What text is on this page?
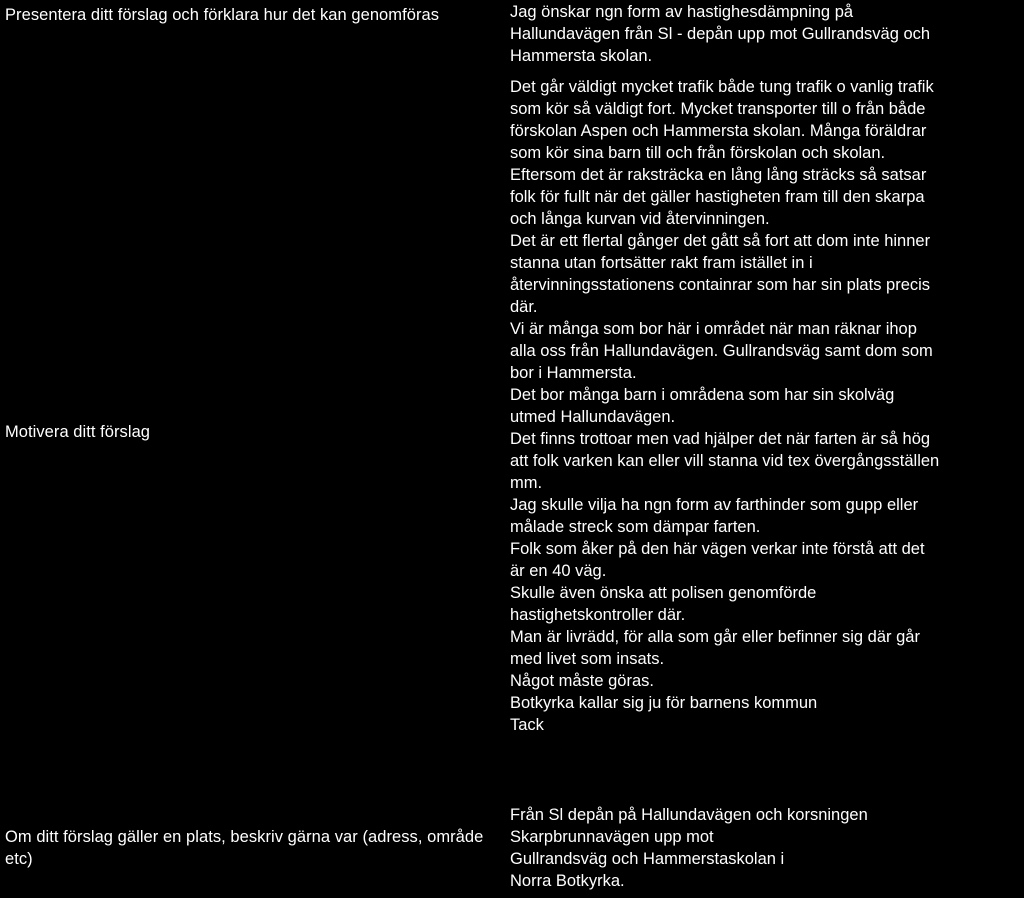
Presentera ditt förslag och förklara hur det kan genomföras	Jag önskar ngn form av hastighesdämpning på

Hallundavägen från Sl - depån upp mot Gullrandsväg och

Hammersta skolan.

Motivera ditt förslag

Det går väldigt mycket trafik både tung trafik o vanlig trafik

som kör så väldigt fort. Mycket transporter till o från både

förskolan Aspen och Hammersta skolan. Många föräldrar

som kör sina barn till och från förskolan och skolan.

Eftersom det är raksträcka en lång lång sträcks så satsar

folk för fullt när det gäller hastigheten fram till den skarpa

och långa kurvan vid återvinningen.

Det är ett flertal gånger det gått så fort att dom inte hinner

stanna utan fortsätter rakt fram istället in i

återvinningsstationens containrar som har sin plats precis

där.

Vi är många som bor här i området när man räknar ihop

alla oss från Hallundavägen. Gullrandsväg samt dom som

bor i Hammersta.

Det bor många barn i områdena som har sin skolväg

utmed Hallundavägen.

Det finns trottoar men vad hjälper det när farten är så hög

att folk varken kan eller vill stanna vid tex övergångsställen

mm.

Jag skulle vilja ha ngn form av farthinder som gupp eller

målade streck som dämpar farten.

Folk som åker på den här vägen verkar inte förstå att det

är en 40 väg.

Skulle även önska att polisen genomförde

hastighetskontroller där.

Man är livrädd, för alla som går eller befinner sig där går

med livet som insats.

Något måste göras.

Botkyrka kallar sig ju för barnens kommun

Tack

Om ditt förslag gäller en plats, beskriv gärna var (adress, område etc)

Från Sl depån på Hallundavägen och korsningen

Skarpbrunnavägen upp mot

Gullrandsväg och Hammerstaskolan i

Norra Botkyrka.
